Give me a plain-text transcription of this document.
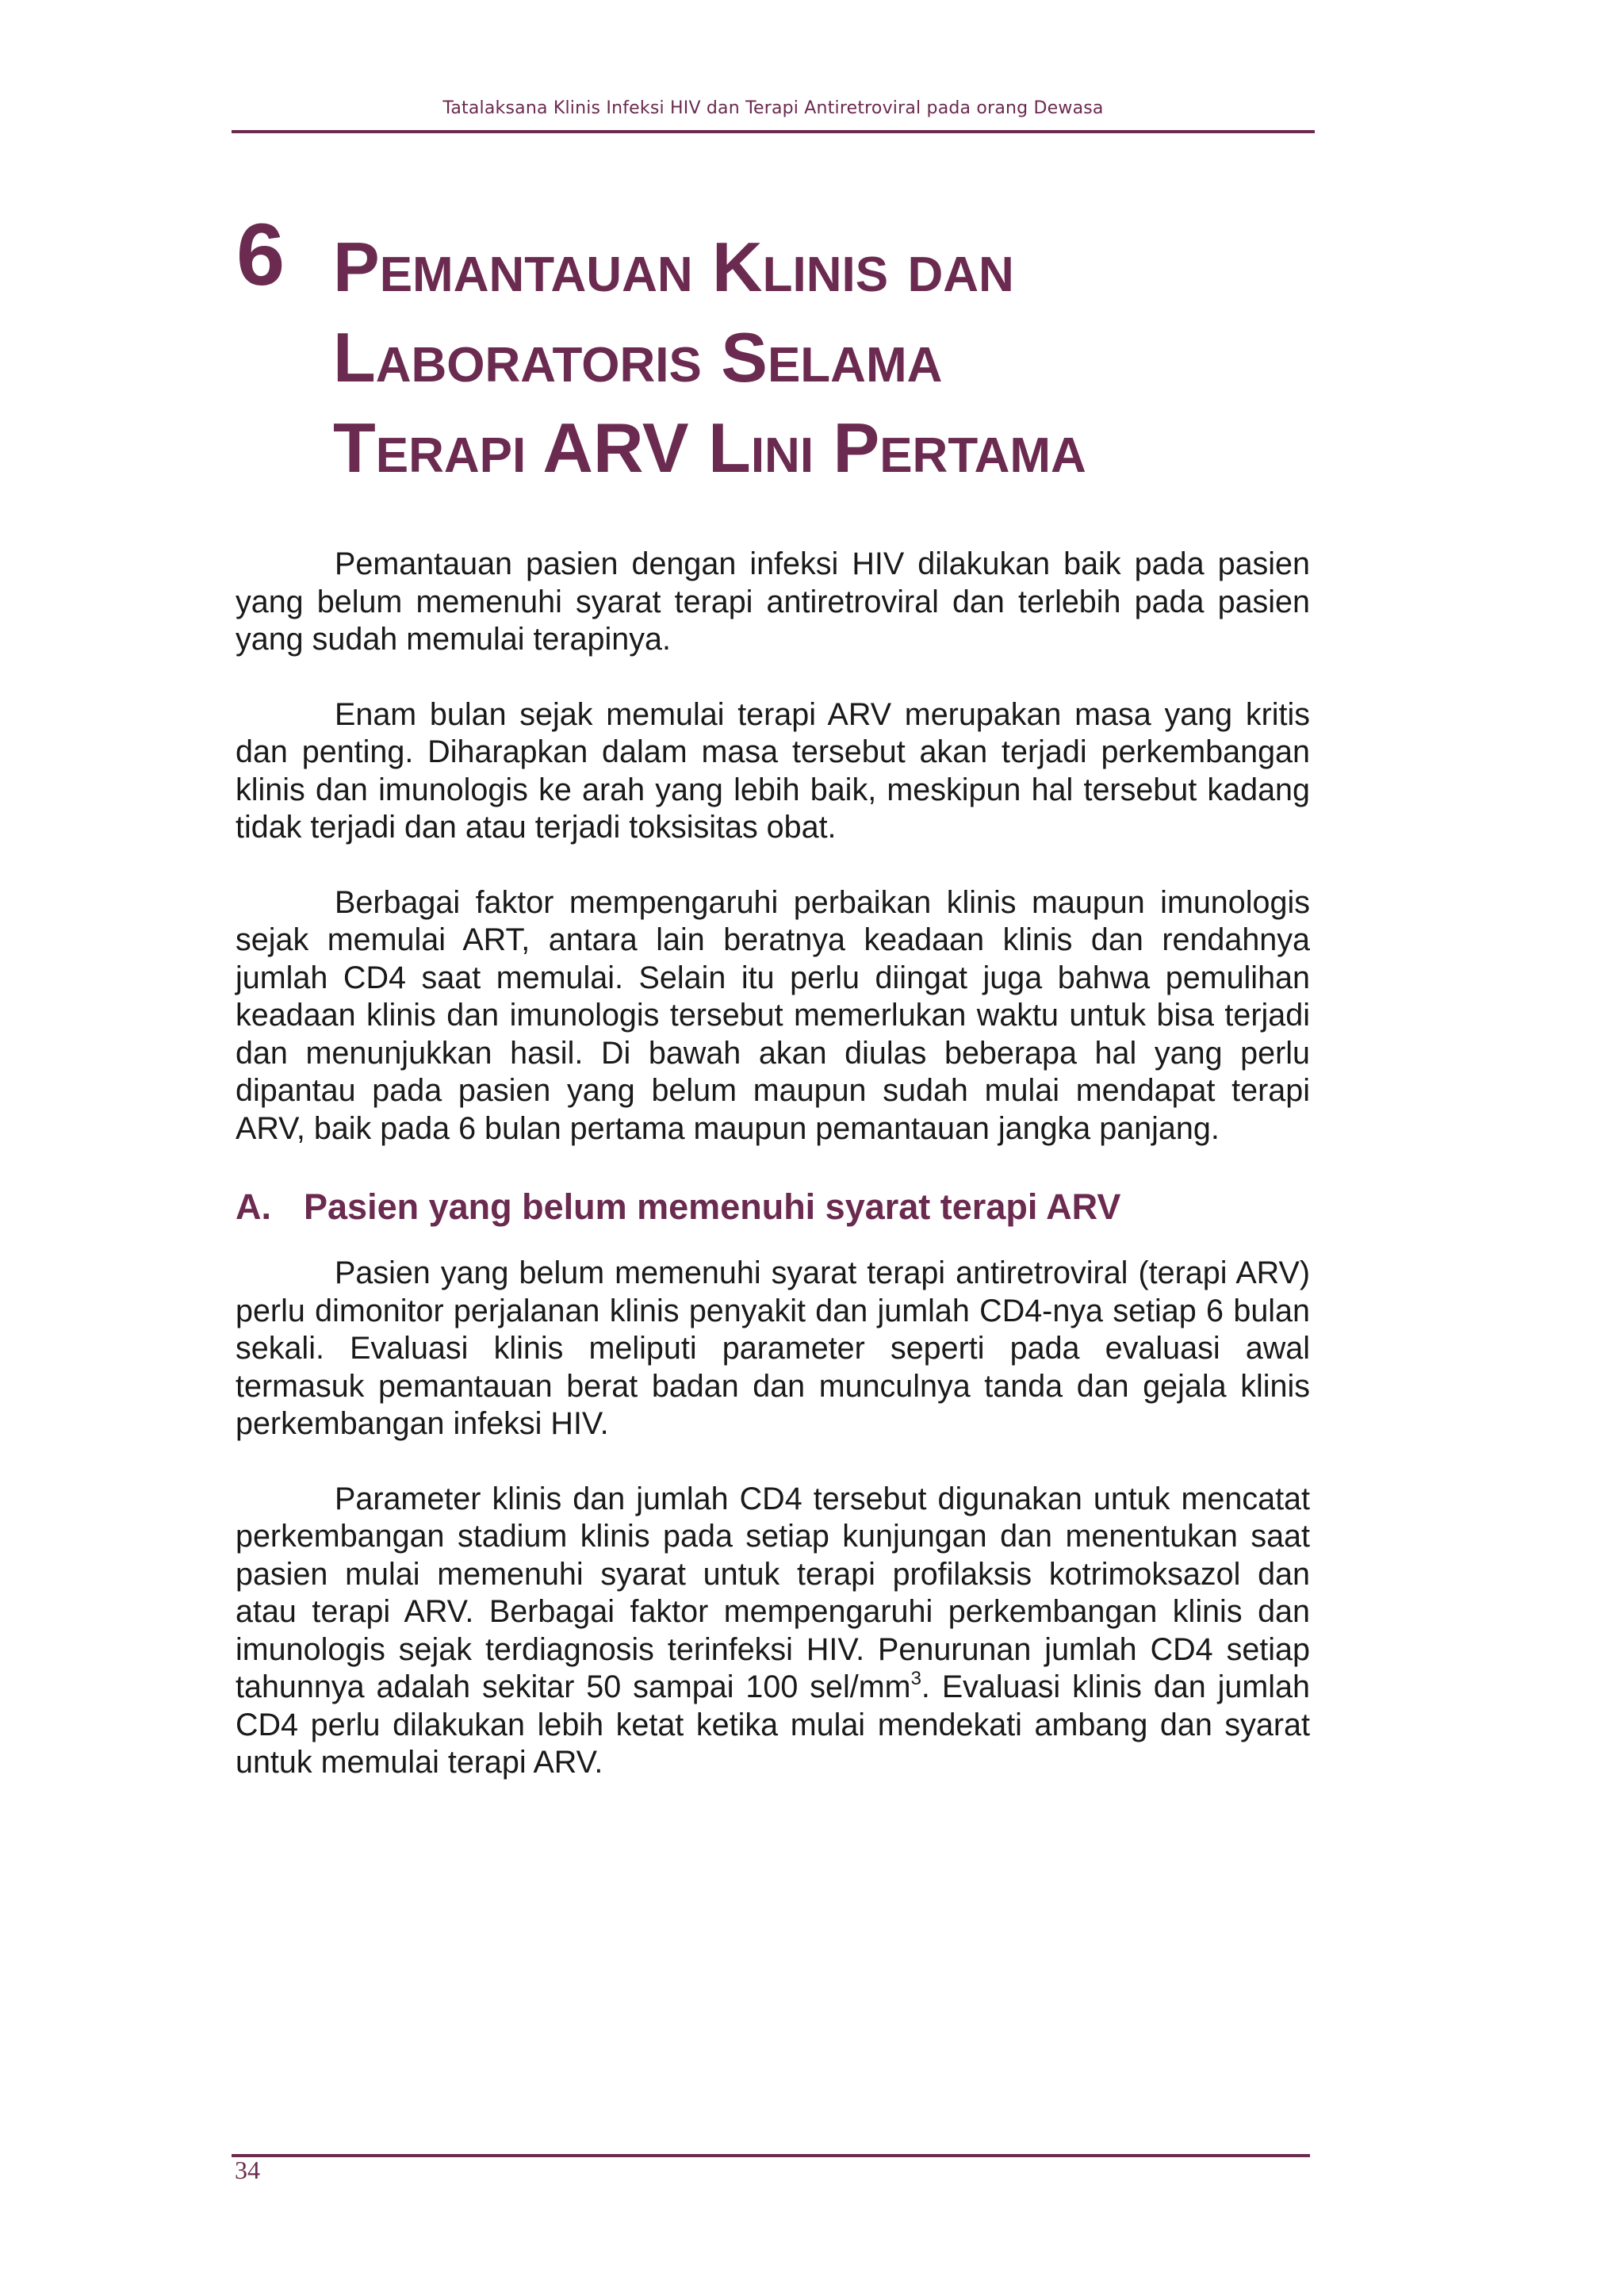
Tatalaksana Klinis Infeksi HIV dan Terapi Antiretroviral pada orang Dewasa
6 Pemantauan Klinis dan
Laboratoris Selama
Terapi ARV Lini Pertama

Pemantauan pasien dengan infeksi HIV dilakukan baik pada pasien yang belum memenuhi syarat terapi antiretroviral dan terlebih pada pasien yang sudah memulai terapinya.

Enam bulan sejak memulai terapi ARV merupakan masa yang kritis dan penting. Diharapkan dalam masa tersebut akan terjadi perkembangan klinis dan imunologis ke arah yang lebih baik, meskipun hal tersebut kadang tidak terjadi dan atau terjadi toksisitas obat.

Berbagai faktor mempengaruhi perbaikan klinis maupun imunologis sejak memulai ART, antara lain beratnya keadaan klinis dan rendahnya jumlah CD4 saat memulai. Selain itu perlu diingat juga bahwa pemulihan keadaan klinis dan imunologis tersebut memerlukan waktu untuk bisa terjadi dan menunjukkan hasil. Di bawah akan diulas beberapa hal yang perlu dipantau pada pasien yang belum maupun sudah mulai mendapat terapi ARV, baik pada 6 bulan pertama maupun pemantauan jangka panjang.

A. Pasien yang belum memenuhi syarat terapi ARV

Pasien yang belum memenuhi syarat terapi antiretroviral (terapi ARV) perlu dimonitor perjalanan klinis penyakit dan jumlah CD4-nya setiap 6 bulan sekali. Evaluasi klinis meliputi parameter seperti pada evaluasi awal termasuk pemantauan berat badan dan munculnya tanda dan gejala klinis perkembangan infeksi HIV.

Parameter klinis dan jumlah CD4 tersebut digunakan untuk mencatat perkembangan stadium klinis pada setiap kunjungan dan menentukan saat pasien mulai memenuhi syarat untuk terapi profilaksis kotrimoksazol dan atau terapi ARV. Berbagai faktor mempengaruhi perkembangan klinis dan imunologis sejak terdiagnosis terinfeksi HIV. Penurunan jumlah CD4 setiap tahunnya adalah sekitar 50 sampai 100 sel/$mm^3$. Evaluasi klinis dan jumlah CD4 perlu dilakukan lebih ketat ketika mulai mendekati ambang dan syarat untuk memulai terapi ARV.

34
